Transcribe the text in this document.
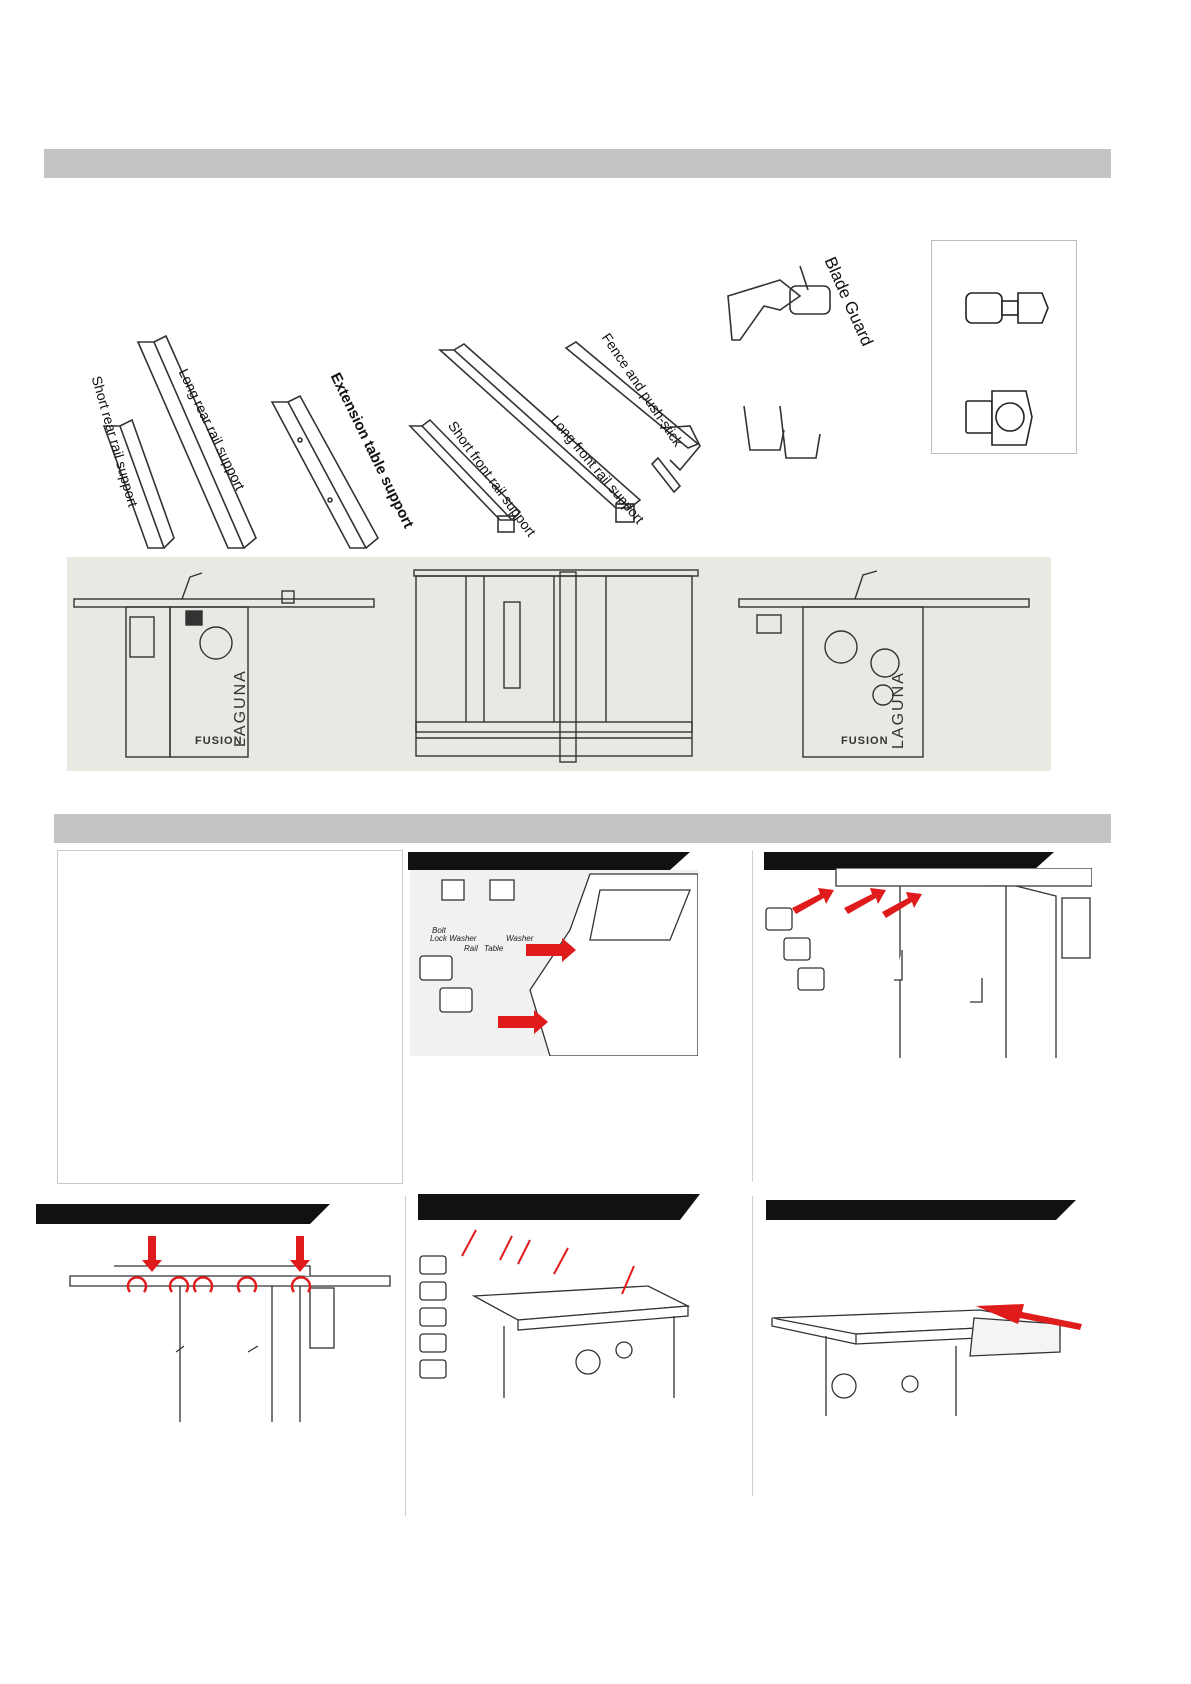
Short rear rail support Long rear rail support	Extension table support Short front rail support Long front rail support
Fence and push-stick
Blade Guard
LAGUNA
FUSION	LAGUNA
FUSION
Bolt
Lock Washer
Rail Table
Washer
